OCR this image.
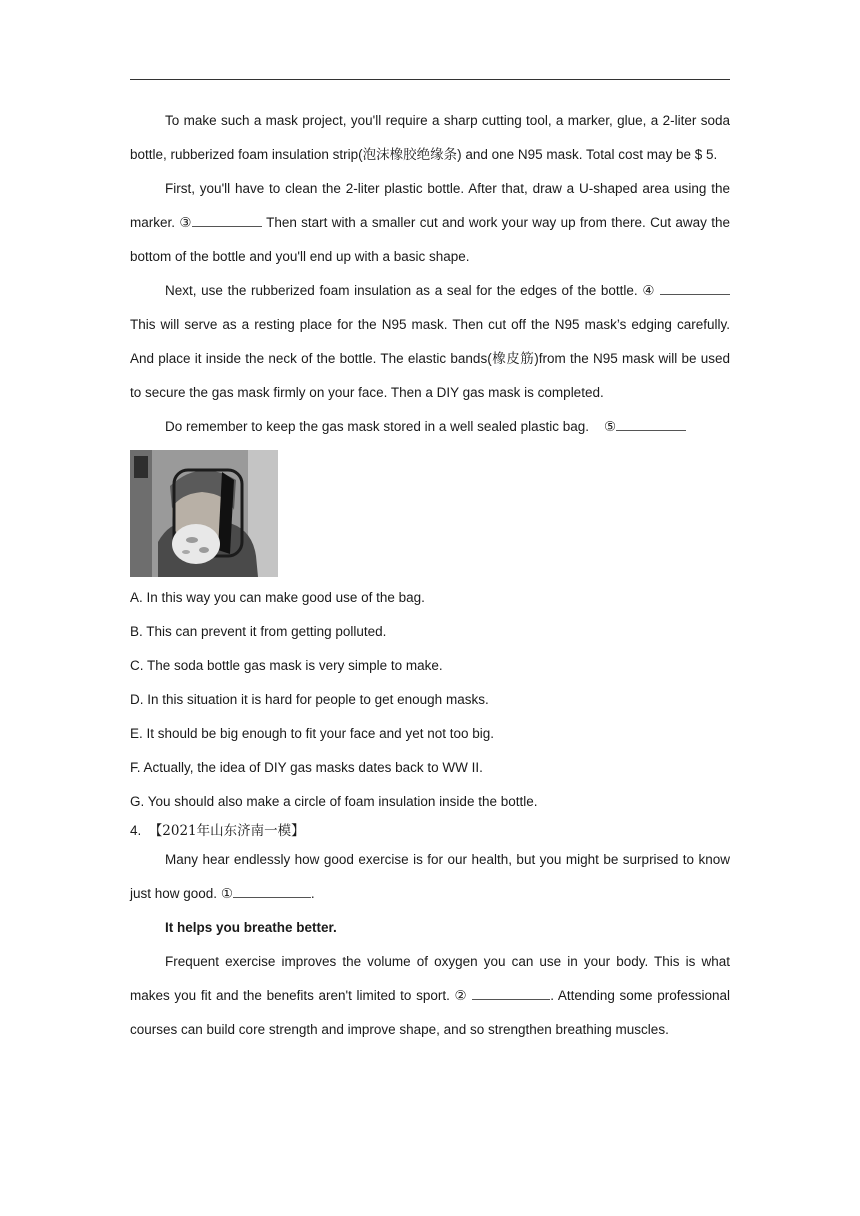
To make such a mask project, you'll require a sharp cutting tool, a marker, glue, a 2-liter soda bottle, rubberized foam insulation strip(泡沫橡胶绝缘条) and one N95 mask. Total cost may be $ 5.

First, you'll have to clean the 2-liter plastic bottle. After that, draw a U-shaped area using the marker. ③	Then start with a smaller cut and work your way up from there. Cut away the bottom of the bottle and you'll end up with a basic shape.

Next, use the rubberized foam insulation as a seal for the edges of the bottle. ④  This will serve as a resting place for the N95 mask. Then cut off the N95 mask’s edging carefully. And place it inside the neck of the bottle. The elastic bands(橡皮筋)from the N95 mask will be used to secure the gas mask firmly on your face. Then a DIY gas mask is completed.

Do remember to keep the gas mask stored in a well sealed plastic bag. ⑤

A. In this way you can make good use of the bag.

B. This can prevent it from getting polluted.

C. The soda bottle gas mask is very simple to make.

D. In this situation it is hard for people to get enough masks.

E. It should be big enough to fit your face and yet not too big.

F. Actually, the idea of DIY gas masks dates back to WW II.

G. You should also make a circle of foam insulation inside the bottle.

4. 【2021年山东济南一模】

Many hear endlessly how good exercise is for our health, but you might be surprised to know just how good. ①	.

It helps you breathe better.

Frequent exercise improves the volume of oxygen you can use in your body. This is what makes you fit and the benefits aren't limited to sport. ②	. Attending some professional courses can build core strength and improve shape, and so strengthen breathing muscles.
